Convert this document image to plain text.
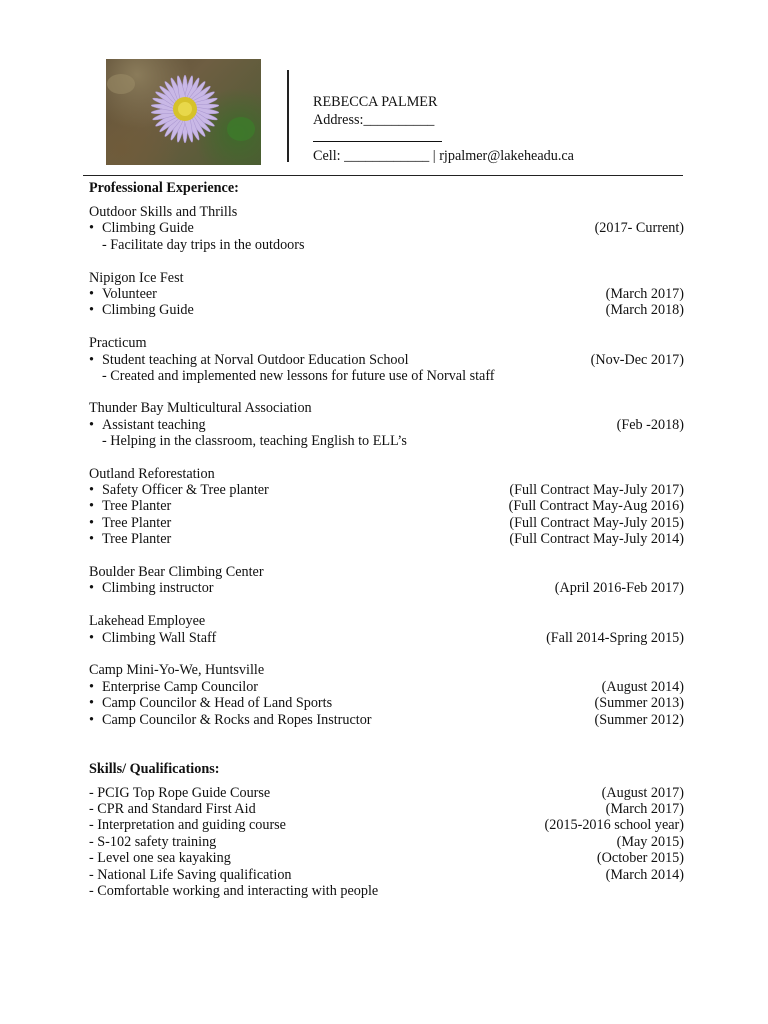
REBECCA PALMER
Address:__________
Cell: ____________ | rjpalmer@lakeheadu.ca
Professional Experience:
Outdoor Skills and Thrills
Climbing Guide	(2017- Current)
- Facilitate day trips in the outdoors
Nipigon Ice Fest
Volunteer	(March 2017)
Climbing Guide	(March 2018)
Practicum
Student teaching at Norval Outdoor Education School	(Nov-Dec 2017)
- Created and implemented new lessons for future use of Norval staff
Thunder Bay Multicultural Association
Assistant teaching	(Feb -2018)
- Helping in the classroom, teaching English to ELL’s
Outland Reforestation
Safety Officer & Tree planter	(Full Contract May-July 2017)
Tree Planter	(Full Contract May-Aug 2016)
Tree Planter	(Full Contract May-July 2015)
Tree Planter	(Full Contract May-July 2014)
Boulder Bear Climbing Center
Climbing instructor	(April 2016-Feb 2017)
Lakehead Employee
Climbing Wall Staff	(Fall 2014-Spring 2015)
Camp Mini-Yo-We, Huntsville
Enterprise Camp Councilor	(August 2014)
Camp Councilor & Head of Land Sports	(Summer 2013)
Camp Councilor & Rocks and Ropes Instructor	(Summer 2012)
Skills/ Qualifications:
- PCIG Top Rope Guide Course	(August 2017)
- CPR and Standard First Aid	(March 2017)
- Interpretation and guiding course	(2015-2016 school year)
- S-102 safety training	(May 2015)
- Level one sea kayaking	(October 2015)
- National Life Saving qualification	(March 2014)
- Comfortable working and interacting with people
